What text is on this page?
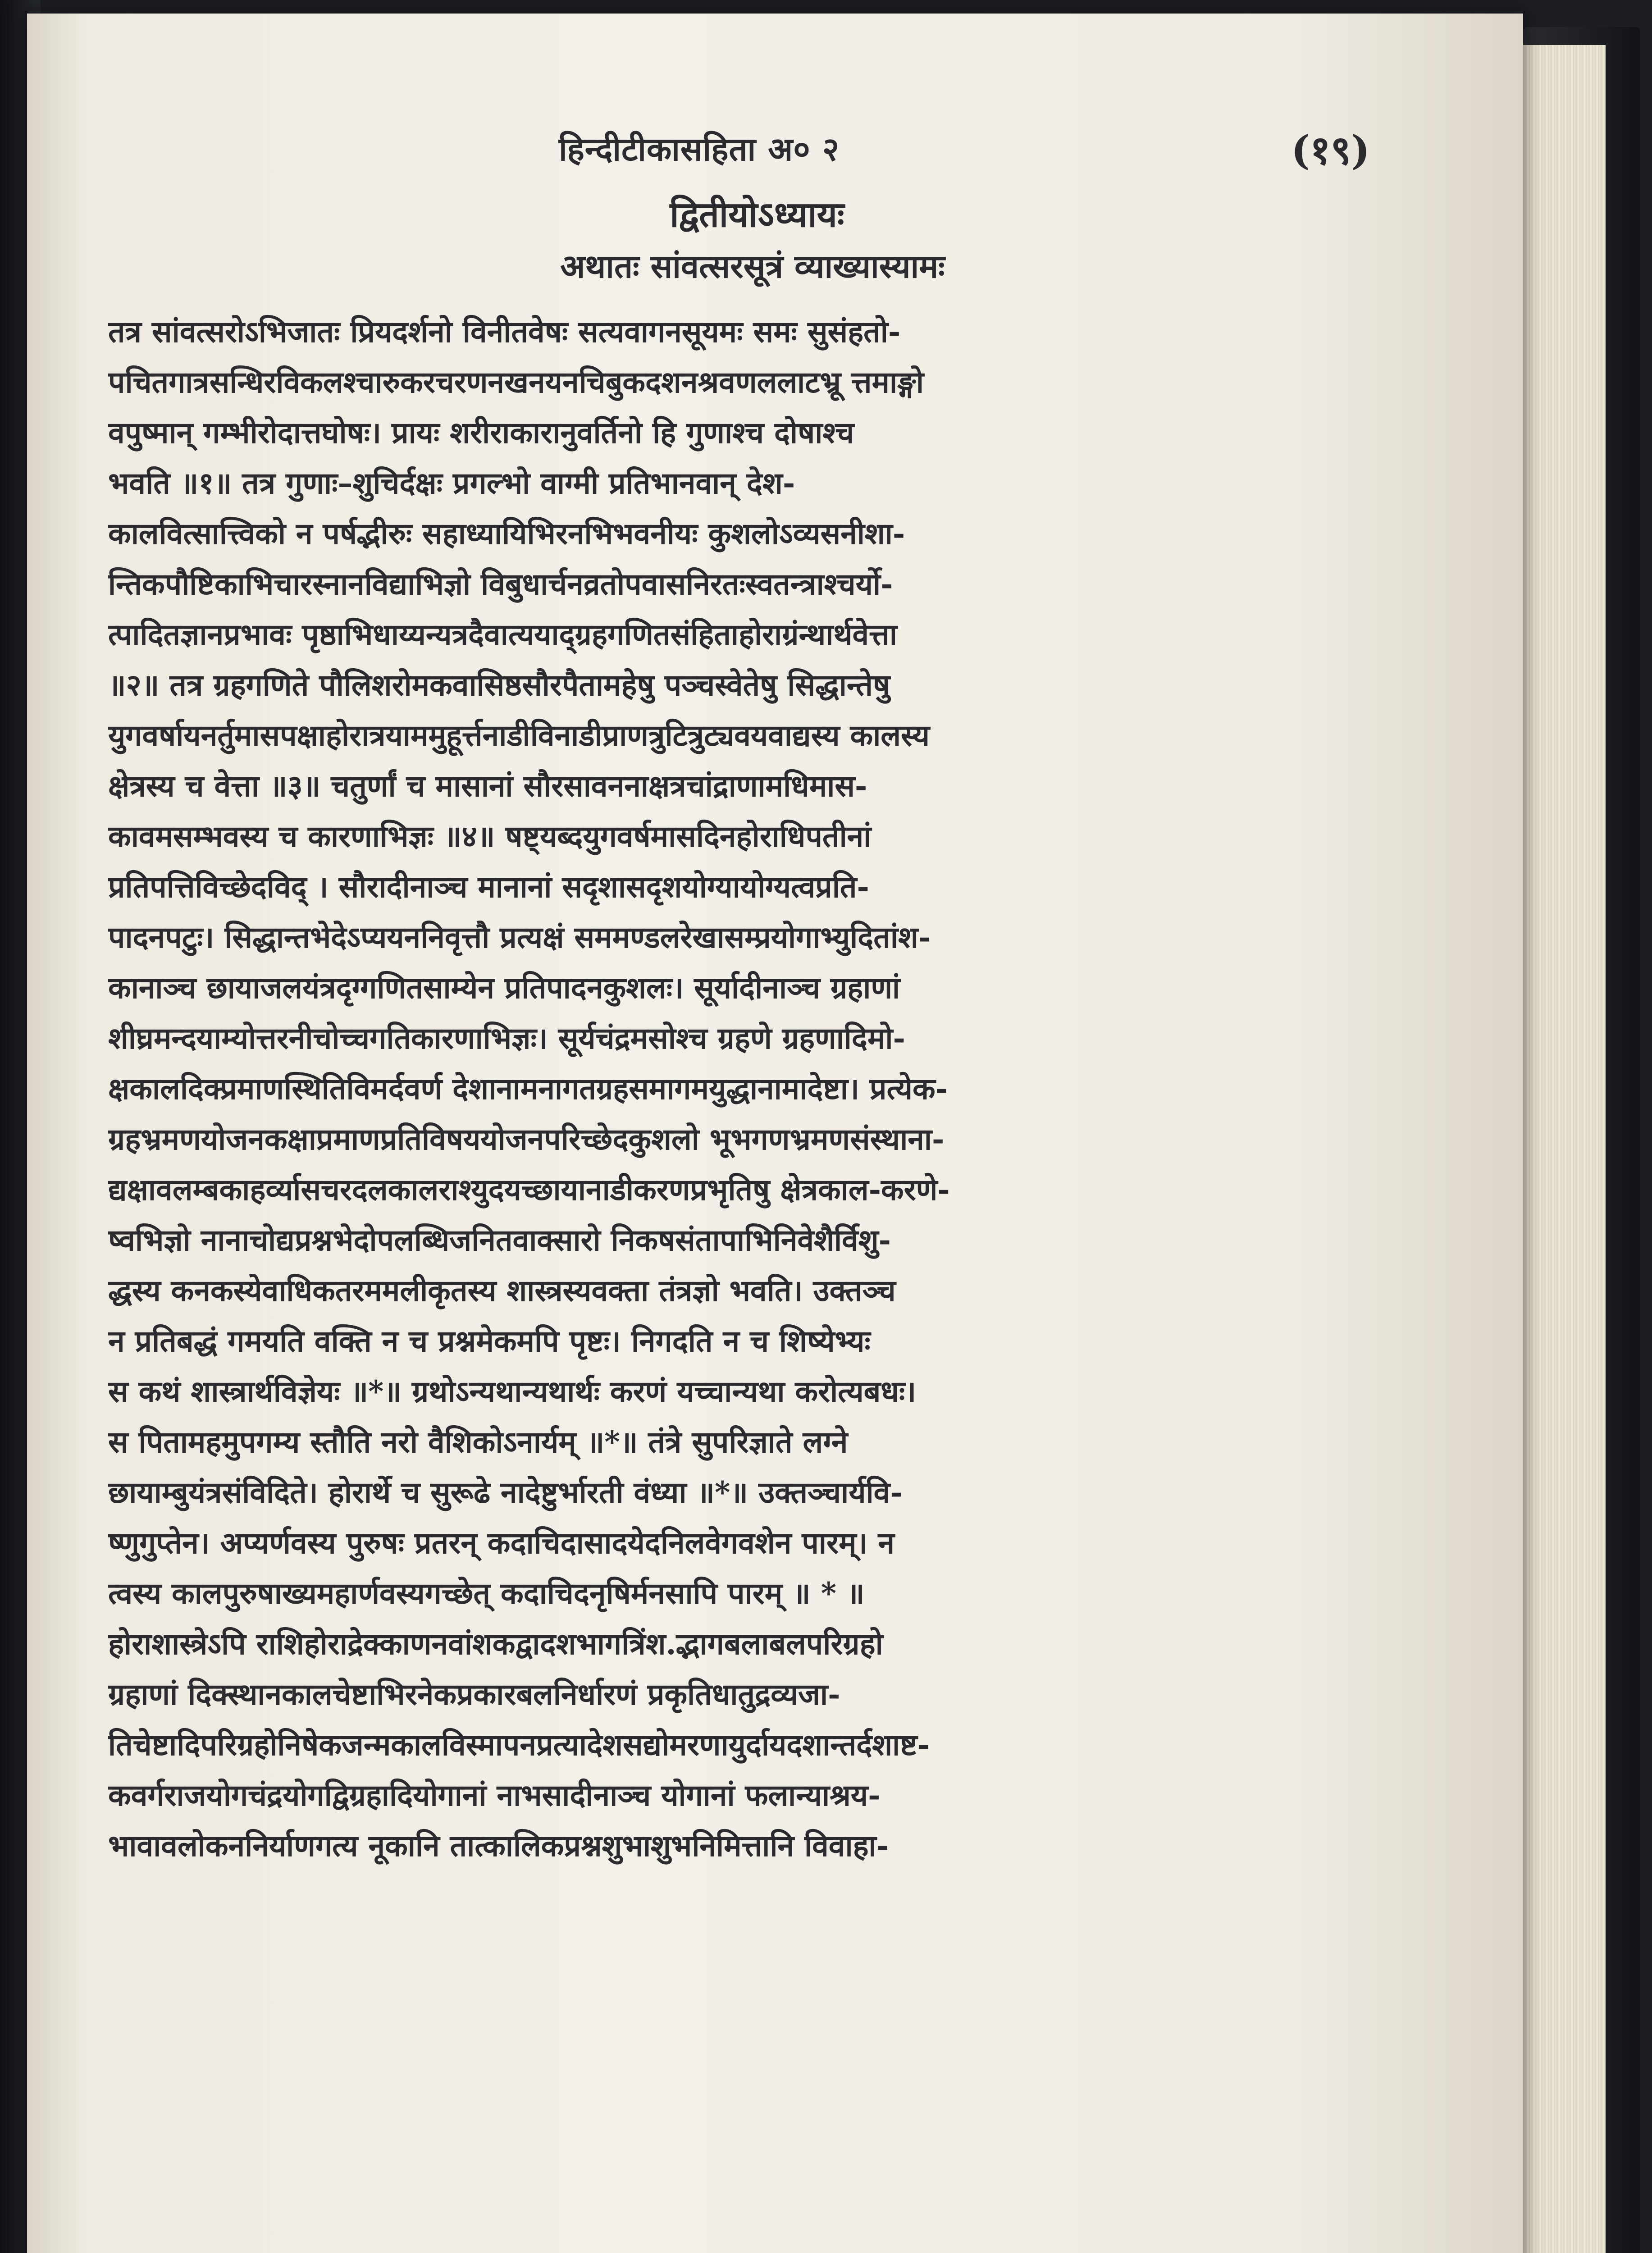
हिन्दीटीकासहिता अ० २	(१९)
द्वितीयोऽध्यायः
अथातः सांवत्सरसूत्रं व्याख्यास्यामः
तत्र सांवत्सरोऽभिजातः प्रियदर्शनो विनीतवेषः सत्यवागनसूयमः समः सुसंहतो-
पचितगात्रसन्धिरविकलश्चारुकरचरणनखनयनचिबुकदशनश्रवणललाटभ्रू त्तमाङ्गो
वपुष्मान् गम्भीरोदात्तघोषः। प्रायः शरीराकारानुवर्तिनो हि गुणाश्च दोषाश्च
भवति ॥१॥ तत्र गुणाः–शुचिर्दक्षः प्रगल्भो वाग्मी प्रतिभानवान् देश-
कालवित्सात्त्विको न पर्षद्भीरुः सहाध्यायिभिरनभिभवनीयः कुशलोऽव्यसनीशा-
न्तिकपौष्टिकाभिचारस्नानविद्याभिज्ञो विबुधार्चनव्रतोपवासनिरतःस्वतन्त्राश्चर्यो-
त्पादितज्ञानप्रभावः पृष्ठाभिधाय्यन्यत्रदैवात्ययाद्ग्रहगणितसंहिताहोराग्रंन्थार्थवेत्ता
॥२॥ तत्र ग्रहगणिते पौलिशरोमकवासिष्ठसौरपैतामहेषु पञ्चस्वेतेषु सिद्धान्तेषु
युगवर्षायनर्तुमासपक्षाहोरात्रयाममुहूर्त्तनाडीविनाडीप्राणत्रुटित्रुट्यवयवाद्यस्य कालस्य
क्षेत्रस्य च वेत्ता ॥३॥ चतुर्णां च मासानां सौरसावननाक्षत्रचांद्राणामधिमास-
कावमसम्भवस्य च कारणाभिज्ञः ॥४॥ षष्ट्यब्दयुगवर्षमासदिनहोराधिपतीनां
प्रतिपत्तिविच्छेदविद् । सौरादीनाञ्च मानानां सदृशासदृशयोग्यायोग्यत्वप्रति-
पादनपटुः। सिद्धान्तभेदेऽप्ययननिवृत्तौ प्रत्यक्षं सममण्डलरेखासम्प्रयोगाभ्युदितांश-
कानाञ्च छायाजलयंत्रदृग्गणितसाम्येन प्रतिपादनकुशलः। सूर्यादीनाञ्च ग्रहाणां
शीघ्रमन्दयाम्योत्तरनीचोच्चगतिकारणाभिज्ञः। सूर्यचंद्रमसोश्च ग्रहणे ग्रहणादिमो-
क्षकालदिक्प्रमाणस्थितिविमर्दवर्ण देशानामनागतग्रहसमागमयुद्धानामादेष्टा। प्रत्येक-
ग्रहभ्रमणयोजनकक्षाप्रमाणप्रतिविषययोजनपरिच्छेदकुशलो भूभगणभ्रमणसंस्थाना-
द्यक्षावलम्बकाहर्व्यासचरदलकालराश्युदयच्छायानाडीकरणप्रभृतिषु क्षेत्रकाल-करणे-
ष्वभिज्ञो नानाचोद्यप्रश्नभेदोपलब्धिजनितवाक्सारो निकषसंतापाभिनिवेशैर्विशु-
द्धस्य कनकस्येवाधिकतरममलीकृतस्य शास्त्रस्यवक्ता तंत्रज्ञो भवति। उक्तञ्च
न प्रतिबद्धं गमयति वक्ति न च प्रश्नमेकमपि पृष्टः। निगदति न च शिष्येभ्यः
स कथं शास्त्रार्थविज्ञेयः ॥*॥ ग्रथोऽन्यथान्यथार्थः करणं यच्चान्यथा करोत्यबधः।
स पितामहमुपगम्य स्तौति नरो वैशिकोऽनार्यम् ॥*॥ तंत्रे सुपरिज्ञाते लग्ने
छायाम्बुयंत्रसंविदिते। होरार्थे च सुरूढे नादेष्टुर्भारती वंध्या ॥*॥ उक्तञ्चार्यवि-
ष्णुगुप्तेन। अप्यर्णवस्य पुरुषः प्रतरन् कदाचिदासादयेदनिलवेगवशेन पारम्। न
त्वस्य कालपुरुषाख्यमहार्णवस्यगच्छेत् कदाचिदनृषिर्मनसापि पारम् ॥ * ॥
होराशास्त्रेऽपि राशिहोराद्रेक्काणनवांशकद्वादशभागत्रिंश.द्भागबलाबलपरिग्रहो
ग्रहाणां दिक्स्थानकालचेष्टाभिरनेकप्रकारबलनिर्धारणं प्रकृतिधातुद्रव्यजा-
तिचेष्टादिपरिग्रहोनिषेकजन्मकालविस्मापनप्रत्यादेशसद्योमरणायुर्दायदशान्तर्दशाष्ट-
कवर्गराजयोगचंद्रयोगद्विग्रहादियोगानां नाभसादीनाञ्च योगानां फलान्याश्रय-
भावावलोकननिर्याणगत्य नूकानि तात्कालिकप्रश्नशुभाशुभनिमित्तानि विवाहा-
